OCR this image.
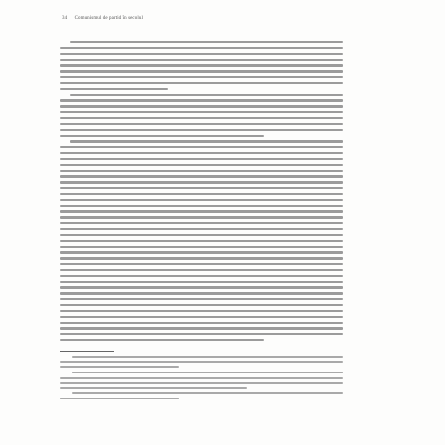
34 Comunismul de partid în secolul
